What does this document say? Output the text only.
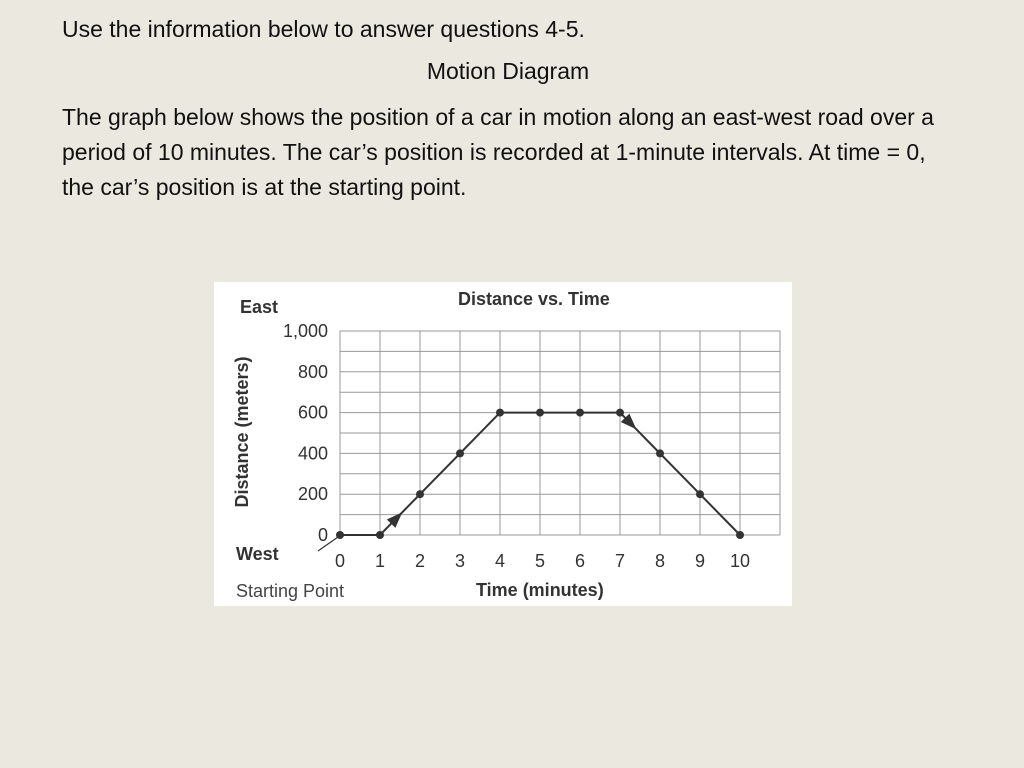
Use the information below to answer questions 4-5.
Motion Diagram

The graph below shows the position of a car in motion along an east-west road over a period of 10 minutes. The car’s position is recorded at 1-minute intervals. At time = 0, the car’s position is at the starting point.

0
200
400
600
800
1,000
0 1 2 3 4 5 6 7 8 9 10
Distance vs. Time
East
West
Distance (meters)
Time (minutes)
Starting Point
